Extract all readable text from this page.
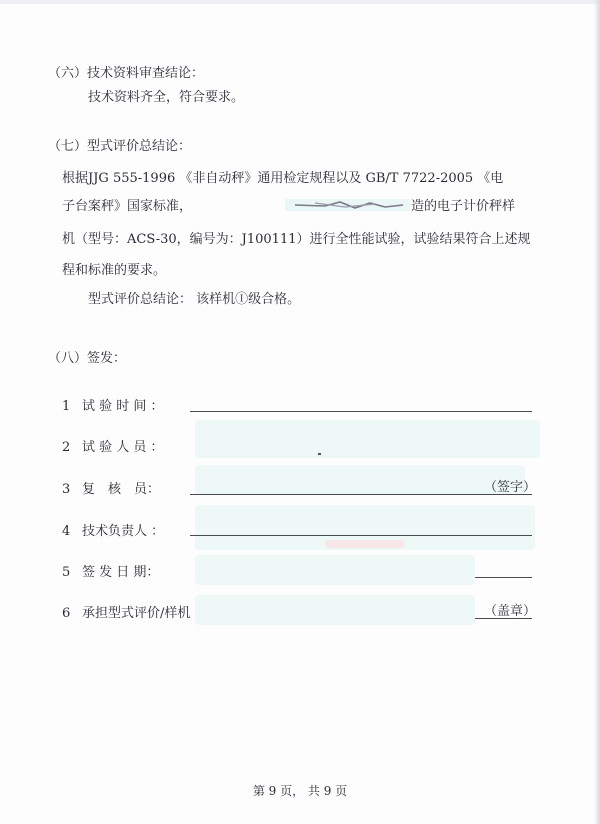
（六）技术资料审查结论：
技术资料齐全，符合要求。
（七）型式评价总结论：
根据JJG 555-1996 《非自动秤》通用检定规程以及 GB/T 7722-2005 《电
子台案秤》国家标准，	造的电子计价秤样
机（型号：ACS-30，编号为：J100111）进行全性能试验，试验结果符合上述规
程和标准的要求。
型式评价总结论： 该样机Ⓘ级合格。
（八）签发：
1 试 验 时 间 ：
2 试 验 人 员 ：
3 复　核　员：	（签字）
4 技术负责人 ：
5 签 发 日 期：
6 承担型式评价/样机	（盖章）
第 9 页， 共 9 页
